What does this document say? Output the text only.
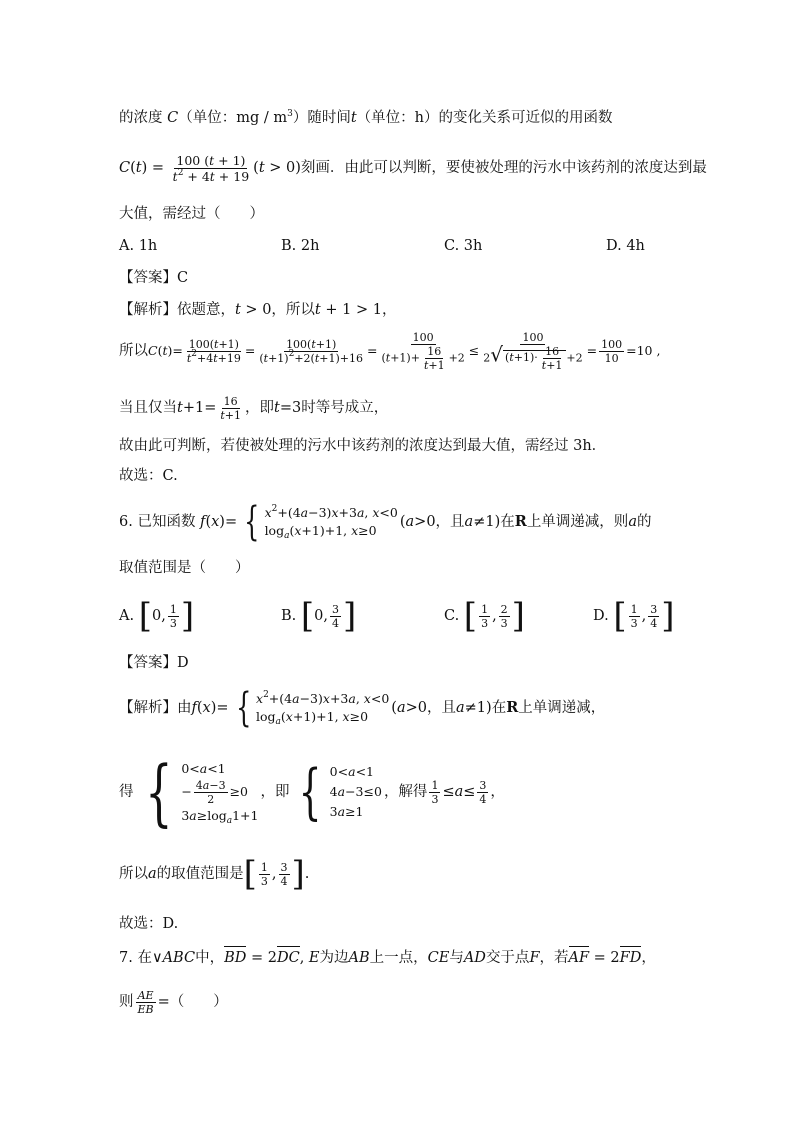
的浓度 C（单位：mg / $m^3$）随时间t（单位：h）的变化关系可近似的用函数
C ( t ) = $\frac{100 (t + 1)}{t^2 + 4t + 19} (t > 0)$ 刻画．由此可以判断，要使被处理的污水中该药剂的浓度达到最
大值，需经过（　　）
A. 1h	B. 2h	C. 3h	D. 4h
【答案】C
【解析】依题意，t > 0，所以t + 1 > 1，
所以 C ( t )= $\frac{100(t+1)}{t^2+4t+19} = \frac{100(t+1)}{(t+1)^2+2(t+1)+16} = \frac{100}{(t+1)+ \frac{16}{t+1} +2} \le \frac{100}{2√ (t+1)\cdot \frac{16}{t+1} +2} = \frac{100}{10} =10$ ,
当且仅当 $t +1= \frac{16}{t+1}$ ，即 t =3 时等号成立，
故由此可判断，若使被处理的污水中该药剂的浓度达到最大值，需经过 3h．
故选：C.
6. 已知函数 f ( x )= { $x^2+(4a-3)x+3a$, x<0
$\log_a(x+1)+1$, x≥0
(a>0 ，且 a ≠1) 在 R 上单调递减，则 a 的
取值范围是（　　）
A.
[ 0, $\frac{1}{3}$ ]	B.
[ 0, $\frac{3}{4}$ ]	C.
[ $\frac{1}{3}$ , $\frac{2}{3}$ ]	D.
[ $\frac{1}{3}$ , $\frac{3}{4}$ ]
【答案】D
【解析】由 f ( x )= { $x^2+(4a-3)x+3a$, x<0
$\log_a(x+1)+1$, x≥0
(a>0 ，且 a ≠1) 在 R 上单调递减，
得 { 0<a<1
− $\frac{4a-3}{2} \ge 0$
$3a\ge\log_a1+1$
，即 { 0<a<1
4a−3≤0
3a≥1
，解得 $\frac{1}{3} \le a \le \frac{3}{4}$ ，
所以 a 的取值范围是 [ $\frac{1}{3}$ , $\frac{3}{4}$ ] .
故选：D.
7. 在∨ABC中，BD = 2DC, E为边AB上一点，CE与AD交于点F，若AF = 2FD，
则 $\frac{AE}{EB}$ =（　　）
